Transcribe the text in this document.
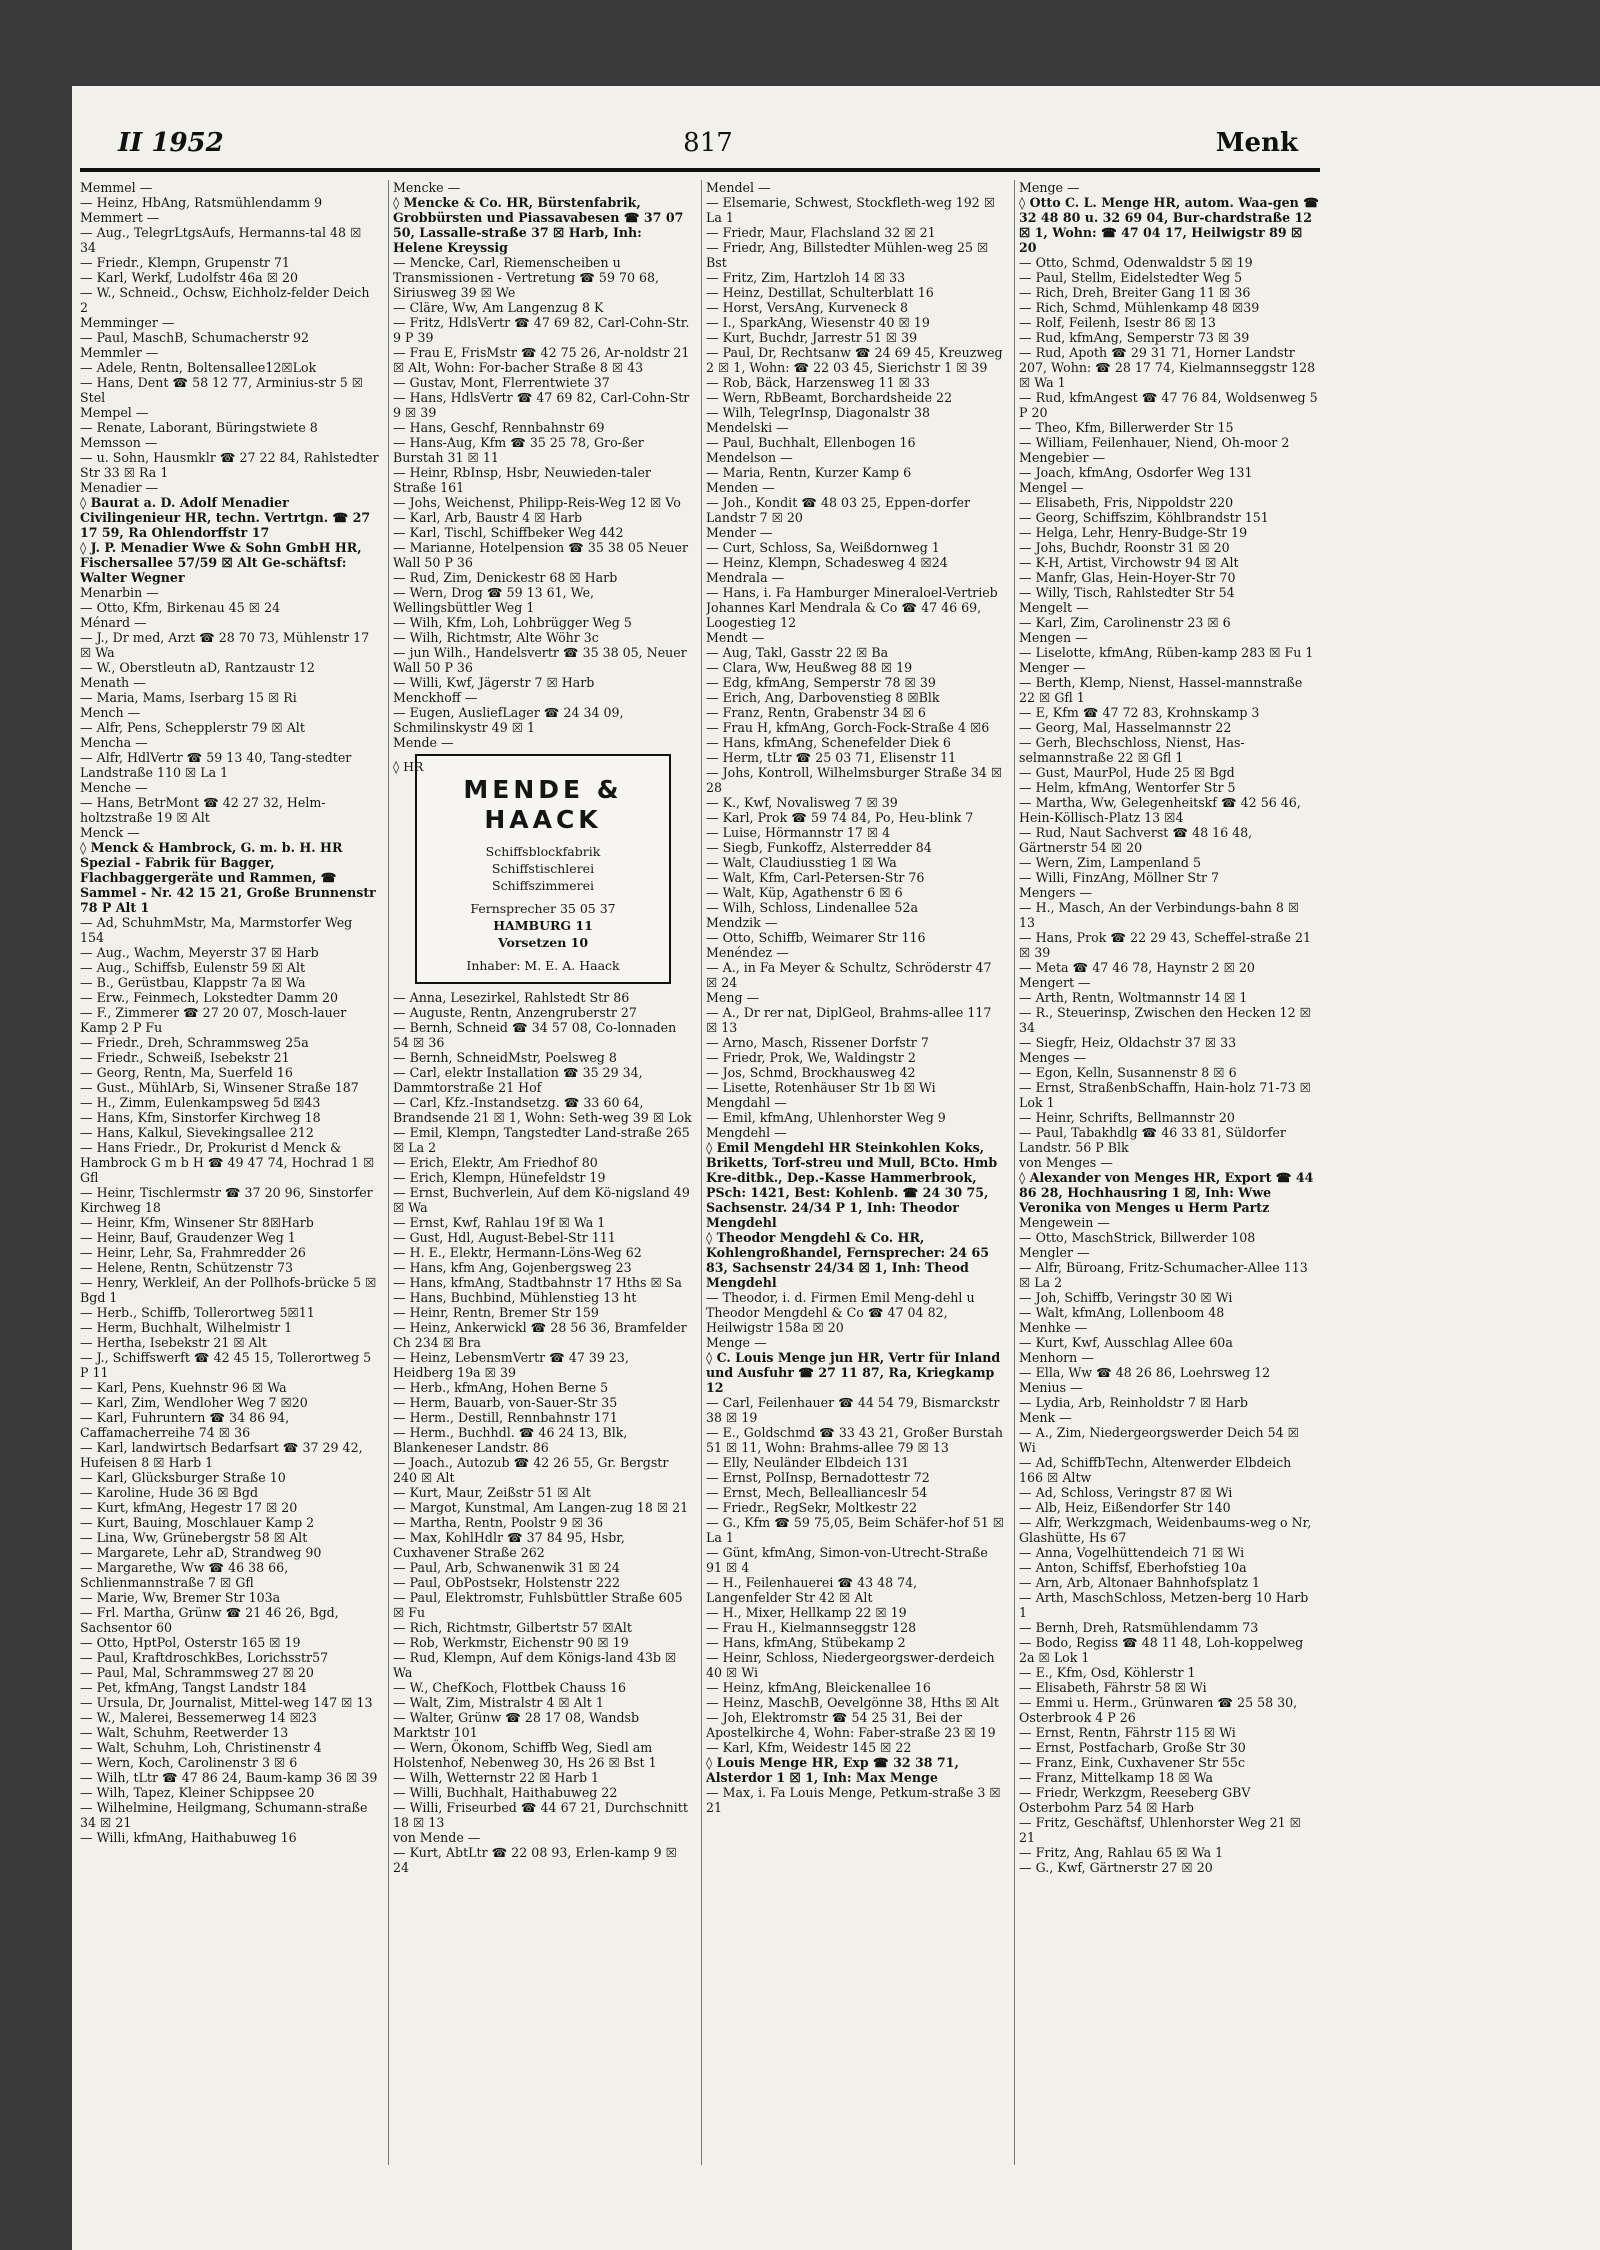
II 1952	817	Menk

Memmel —

— Heinz, HbAng, Ratsmühlendamm 9

Memmert —

— Aug., TelegrLtgsAufs, Hermanns-tal 48 ☒ 34

— Friedr., Klempn, Grupenstr 71

— Karl, Werkf, Ludolfstr 46a ☒ 20

— W., Schneid., Ochsw, Eichholz-felder Deich 2

Memminger —

— Paul, MaschB, Schumacherstr 92

Memmler —

— Adele, Rentn, Boltensallee12☒Lok

— Hans, Dent ☎ 58 12 77, Arminius-str 5 ☒ Stel

Mempel —

— Renate, Laborant, Büringstwiete 8

Memsson —

— u. Sohn, Hausmklr ☎ 27 22 84, Rahlstedter Str 33 ☒ Ra 1

Menadier —

◊ Baurat a. D. Adolf Menadier Civilingenieur HR, techn. Vertrtgn. ☎ 27 17 59, Ra Ohlendorffstr 17

◊ J. P. Menadier Wwe & Sohn GmbH HR, Fischersallee 57/59 ☒ Alt Ge-schäftsf: Walter Wegner

Menarbin —

— Otto, Kfm, Birkenau 45 ☒ 24

Ménard —

— J., Dr med, Arzt ☎ 28 70 73, Mühlenstr 17 ☒ Wa

— W., Oberstleutn aD, Rantzaustr 12

Menath —

— Maria, Mams, Iserbarg 15 ☒ Ri

Mench —

— Alfr, Pens, Schepplerstr 79 ☒ Alt

Mencha —

— Alfr, HdlVertr ☎ 59 13 40, Tang-stedter Landstraße 110 ☒ La 1

Menche —

— Hans, BetrMont ☎ 42 27 32, Helm-holtzstraße 19 ☒ Alt

Menck —

◊ Menck & Hambrock, G. m. b. H. HR Spezial - Fabrik für Bagger, Flachbaggergeräte und Rammen, ☎ Sammel - Nr. 42 15 21, Große Brunnenstr 78 P Alt 1

— Ad, SchuhmMstr, Ma, Marmstorfer Weg 154

— Aug., Wachm, Meyerstr 37 ☒ Harb

— Aug., Schiffsb, Eulenstr 59 ☒ Alt

— B., Gerüstbau, Klappstr 7a ☒ Wa

— Erw., Feinmech, Lokstedter Damm 20

— F., Zimmerer ☎ 27 20 07, Mosch-lauer Kamp 2 P Fu

— Friedr., Dreh, Schrammsweg 25a

— Friedr., Schweiß, Isebekstr 21

— Georg, Rentn, Ma, Suerfeld 16

— Gust., MühlArb, Si, Winsener Straße 187

— H., Zimm, Eulenkampsweg 5d ☒43

— Hans, Kfm, Sinstorfer Kirchweg 18

— Hans, Kalkul, Sievekingsallee 212

— Hans Friedr., Dr, Prokurist d Menck & Hambrock G m b H ☎ 49 47 74, Hochrad 1 ☒ Gfl

— Heinr, Tischlermstr ☎ 37 20 96, Sinstorfer Kirchweg 18

— Heinr, Kfm, Winsener Str 8☒Harb

— Heinr, Bauf, Graudenzer Weg 1

— Heinr, Lehr, Sa, Frahmredder 26

— Helene, Rentn, Schützenstr 73

— Henry, Werkleif, An der Pollhofs-brücke 5 ☒ Bgd 1

— Herb., Schiffb, Tollerortweg 5☒11

— Herm, Buchhalt, Wilhelmistr 1

— Hertha, Isebekstr 21 ☒ Alt

— J., Schiffswerft ☎ 42 45 15, Tollerortweg 5 P 11

— Karl, Pens, Kuehnstr 96 ☒ Wa

— Karl, Zim, Wendloher Weg 7 ☒20

— Karl, Fuhruntern ☎ 34 86 94, Caffamacherreihe 74 ☒ 36

— Karl, landwirtsch Bedarfsart ☎ 37 29 42, Hufeisen 8 ☒ Harb 1

— Karl, Glücksburger Straße 10

— Karoline, Hude 36 ☒ Bgd

— Kurt, kfmAng, Hegestr 17 ☒ 20

— Kurt, Bauing, Moschlauer Kamp 2

— Lina, Ww, Grünebergstr 58 ☒ Alt

— Margarete, Lehr aD, Strandweg 90

— Margarethe, Ww ☎ 46 38 66, Schlienmannstraße 7 ☒ Gfl

— Marie, Ww, Bremer Str 103a

— Frl. Martha, Grünw ☎ 21 46 26, Bgd, Sachsentor 60

— Otto, HptPol, Osterstr 165 ☒ 19

— Paul, KraftdroschkBes, Lorichsstr57

— Paul, Mal, Schrammsweg 27 ☒ 20

— Pet, kfmAng, Tangst Landstr 184

— Ursula, Dr, Journalist, Mittel-weg 147 ☒ 13

— W., Malerei, Bessemerweg 14 ☒23

— Walt, Schuhm, Reetwerder 13

— Walt, Schuhm, Loh, Christinenstr 4

— Wern, Koch, Carolinenstr 3 ☒ 6

— Wilh, tLtr ☎ 47 86 24, Baum-kamp 36 ☒ 39

— Wilh, Tapez, Kleiner Schippsee 20

— Wilhelmine, Heilgmang, Schumann-straße 34 ☒ 21

— Willi, kfmAng, Haithabuweg 16

Mencke —

◊ Mencke & Co. HR, Bürstenfabrik, Grobbürsten und Piassavabesen ☎ 37 07 50, Lassalle-straße 37 ☒ Harb, Inh: Helene Kreyssig

— Mencke, Carl, Riemenscheiben u Transmissionen - Vertretung ☎ 59 70 68, Siriusweg 39 ☒ We

— Cläre, Ww, Am Langenzug 8 K

— Fritz, HdlsVertr ☎ 47 69 82, Carl-Cohn-Str. 9 P 39

— Frau E, FrisMstr ☎ 42 75 26, Ar-noldstr 21 ☒ Alt, Wohn: For-bacher Straße 8 ☒ 43

— Gustav, Mont, Flerrentwiete 37

— Hans, HdlsVertr ☎ 47 69 82, Carl-Cohn-Str 9 ☒ 39

— Hans, Geschf, Rennbahnstr 69

— Hans-Aug, Kfm ☎ 35 25 78, Gro-ßer Burstah 31 ☒ 11

— Heinr, RbInsp, Hsbr, Neuwieden-taler Straße 161

— Johs, Weichenst, Philipp-Reis-Weg 12 ☒ Vo

— Karl, Arb, Baustr 4 ☒ Harb

— Karl, Tischl, Schiffbeker Weg 442

— Marianne, Hotelpension ☎ 35 38 05 Neuer Wall 50 P 36

— Rud, Zim, Denickestr 68 ☒ Harb

— Wern, Drog ☎ 59 13 61, We, Wellingsbüttler Weg 1

— Wilh, Kfm, Loh, Lohbrügger Weg 5

— Wilh, Richtmstr, Alte Wöhr 3c

— jun Wilh., Handelsvertr ☎ 35 38 05, Neuer Wall 50 P 36

— Willi, Kwf, Jägerstr 7 ☒ Harb

Menckhoff —

— Eugen, AusliefLager ☎ 24 34 09, Schmilinskystr 49 ☒ 1

Mende —

◊ HR
MENDE &
HAACK
Schiffsblockfabrik
Schiffstischlerei
Schiffszimmerei
Fernsprecher 35 05 37
HAMBURG 11
Vorsetzen 10
Inhaber: M. E. A. Haack

— Anna, Lesezirkel, Rahlstedt Str 86

— Auguste, Rentn, Anzengruberstr 27

— Bernh, Schneid ☎ 34 57 08, Co-lonnaden 54 ☒ 36

— Bernh, SchneidMstr, Poelsweg 8

— Carl, elektr Installation ☎ 35 29 34, Dammtorstraße 21 Hof

— Carl, Kfz.-Instandsetzg. ☎ 33 60 64, Brandsende 21 ☒ 1, Wohn: Seth-weg 39 ☒ Lok

— Emil, Klempn, Tangstedter Land-straße 265 ☒ La 2

— Erich, Elektr, Am Friedhof 80

— Erich, Klempn, Hünefeldstr 19

— Ernst, Buchverlein, Auf dem Kö-nigsland 49 ☒ Wa

— Ernst, Kwf, Rahlau 19f ☒ Wa 1

— Gust, Hdl, August-Bebel-Str 111

— H. E., Elektr, Hermann-Löns-Weg 62

— Hans, kfm Ang, Gojenbergsweg 23

— Hans, kfmAng, Stadtbahnstr 17 Hths ☒ Sa

— Hans, Buchbind, Mühlenstieg 13 ht

— Heinr, Rentn, Bremer Str 159

— Heinz, Ankerwickl ☎ 28 56 36, Bramfelder Ch 234 ☒ Bra

— Heinz, LebensmVertr ☎ 47 39 23, Heidberg 19a ☒ 39

— Herb., kfmAng, Hohen Berne 5

— Herm, Bauarb, von-Sauer-Str 35

— Herm., Destill, Rennbahnstr 171

— Herm., Buchhdl. ☎ 46 24 13, Blk, Blankeneser Landstr. 86

— Joach., Autozub ☎ 42 26 55, Gr. Bergstr 240 ☒ Alt

— Kurt, Maur, Zeißstr 51 ☒ Alt

— Margot, Kunstmal, Am Langen-zug 18 ☒ 21

— Martha, Rentn, Poolstr 9 ☒ 36

— Max, KohlHdlr ☎ 37 84 95, Hsbr, Cuxhavener Straße 262

— Paul, Arb, Schwanenwik 31 ☒ 24

— Paul, ObPostsekr, Holstenstr 222

— Paul, Elektromstr, Fuhlsbüttler Straße 605 ☒ Fu

— Rich, Richtmstr, Gilbertstr 57 ☒Alt

— Rob, Werkmstr, Eichenstr 90 ☒ 19

— Rud, Klempn, Auf dem Königs-land 43b ☒ Wa

— W., ChefKoch, Flottbek Chauss 16

— Walt, Zim, Mistralstr 4 ☒ Alt 1

— Walter, Grünw ☎ 28 17 08, Wandsb Marktstr 101

— Wern, Ökonom, Schiffb Weg, Siedl am Holstenhof, Nebenweg 30, Hs 26 ☒ Bst 1

— Wilh, Wetternstr 22 ☒ Harb 1

— Willi, Buchhalt, Haithabuweg 22

— Willi, Friseurbed ☎ 44 67 21, Durchschnitt 18 ☒ 13

von Mende —

— Kurt, AbtLtr ☎ 22 08 93, Erlen-kamp 9 ☒ 24

Mendel —

— Elsemarie, Schwest, Stockfleth-weg 192 ☒ La 1

— Friedr, Maur, Flachsland 32 ☒ 21

— Friedr, Ang, Billstedter Mühlen-weg 25 ☒ Bst

— Fritz, Zim, Hartzloh 14 ☒ 33

— Heinz, Destillat, Schulterblatt 16

— Horst, VersAng, Kurveneck 8

— I., SparkAng, Wiesenstr 40 ☒ 19

— Kurt, Buchdr, Jarrestr 51 ☒ 39

— Paul, Dr, Rechtsanw ☎ 24 69 45, Kreuzweg 2 ☒ 1, Wohn: ☎ 22 03 45, Sierichstr 1 ☒ 39

— Rob, Bäck, Harzensweg 11 ☒ 33

— Wern, RbBeamt, Borchardsheide 22

— Wilh, TelegrInsp, Diagonalstr 38

Mendelski —

— Paul, Buchhalt, Ellenbogen 16

Mendelson —

— Maria, Rentn, Kurzer Kamp 6

Menden —

— Joh., Kondit ☎ 48 03 25, Eppen-dorfer Landstr 7 ☒ 20

Mender —

— Curt, Schloss, Sa, Weißdornweg 1

— Heinz, Klempn, Schadesweg 4 ☒24

Mendrala —

— Hans, i. Fa Hamburger Mineraloel-Vertrieb Johannes Karl Mendrala & Co ☎ 47 46 69, Loogestieg 12

Mendt —

— Aug, Takl, Gasstr 22 ☒ Ba

— Clara, Ww, Heußweg 88 ☒ 19

— Edg, kfmAng, Semperstr 78 ☒ 39

— Erich, Ang, Darbovenstieg 8 ☒Blk

— Franz, Rentn, Grabenstr 34 ☒ 6

— Frau H, kfmAng, Gorch-Fock-Straße 4 ☒6

— Hans, kfmAng, Schenefelder Diek 6

— Herm, tLtr ☎ 25 03 71, Elisenstr 11

— Johs, Kontroll, Wilhelmsburger Straße 34 ☒ 28

— K., Kwf, Novalisweg 7 ☒ 39

— Karl, Prok ☎ 59 74 84, Po, Heu-blink 7

— Luise, Hörmannstr 17 ☒ 4

— Siegb, Funkoffz, Alsterredder 84

— Walt, Claudiusstieg 1 ☒ Wa

— Walt, Kfm, Carl-Petersen-Str 76

— Walt, Küp, Agathenstr 6 ☒ 6

— Wilh, Schloss, Lindenallee 52a

Mendzik —

— Otto, Schiffb, Weimarer Str 116

Menéndez —

— A., in Fa Meyer & Schultz, Schröderstr 47 ☒ 24

Meng —

— A., Dr rer nat, DiplGeol, Brahms-allee 117 ☒ 13

— Arno, Masch, Rissener Dorfstr 7

— Friedr, Prok, We, Waldingstr 2

— Jos, Schmd, Brockhausweg 42

— Lisette, Rotenhäuser Str 1b ☒ Wi

Mengdahl —

— Emil, kfmAng, Uhlenhorster Weg 9

Mengdehl —

◊ Emil Mengdehl HR Steinkohlen Koks, Briketts, Torf-streu und Mull, BCto. Hmb Kre-ditbk., Dep.-Kasse Hammerbrook, PSch: 1421, Best: Kohlenb. ☎ 24 30 75, Sachsenstr. 24/34 P 1, Inh: Theodor Mengdehl

◊ Theodor Mengdehl & Co. HR, Kohlengroßhandel, Fernsprecher: 24 65 83, Sachsenstr 24/34 ☒ 1, Inh: Theod Mengdehl

— Theodor, i. d. Firmen Emil Meng-dehl u Theodor Mengdehl & Co ☎ 47 04 82, Heilwigstr 158a ☒ 20

Menge —

◊ C. Louis Menge jun HR, Vertr für Inland und Ausfuhr ☎ 27 11 87, Ra, Kriegkamp 12

— Carl, Feilenhauer ☎ 44 54 79, Bismarckstr 38 ☒ 19

— E., Goldschmd ☎ 33 43 21, Großer Burstah 51 ☒ 11, Wohn: Brahms-allee 79 ☒ 13

— Elly, Neuländer Elbdeich 131

— Ernst, PolInsp, Bernadottestr 72

— Ernst, Mech, Belleallianceslr 54

— Friedr., RegSekr, Moltkestr 22

— G., Kfm ☎ 59 75,05, Beim Schäfer-hof 51 ☒ La 1

— Günt, kfmAng, Simon-von-Utrecht-Straße 91 ☒ 4

— H., Feilenhauerei ☎ 43 48 74, Langenfelder Str 42 ☒ Alt

— H., Mixer, Hellkamp 22 ☒ 19

— Frau H., Kielmannseggstr 128

— Hans, kfmAng, Stübekamp 2

— Heinr, Schloss, Niedergeorgswer-derdeich 40 ☒ Wi

— Heinz, kfmAng, Bleickenallee 16

— Heinz, MaschB, Oevelgönne 38, Hths ☒ Alt

— Joh, Elektromstr ☎ 54 25 31, Bei der Apostelkirche 4, Wohn: Faber-straße 23 ☒ 19

— Karl, Kfm, Weidestr 145 ☒ 22

◊ Louis Menge HR, Exp ☎ 32 38 71, Alsterdor 1 ☒ 1, Inh: Max Menge

— Max, i. Fa Louis Menge, Petkum-straße 3 ☒ 21

Menge —

◊ Otto C. L. Menge HR, autom. Waa-gen ☎ 32 48 80 u. 32 69 04, Bur-chardstraße 12 ☒ 1, Wohn: ☎ 47 04 17, Heilwigstr 89 ☒ 20

— Otto, Schmd, Odenwaldstr 5 ☒ 19

— Paul, Stellm, Eidelstedter Weg 5

— Rich, Dreh, Breiter Gang 11 ☒ 36

— Rich, Schmd, Mühlenkamp 48 ☒39

— Rolf, Feilenh, Isestr 86 ☒ 13

— Rud, kfmAng, Semperstr 73 ☒ 39

— Rud, Apoth ☎ 29 31 71, Horner Landstr 207, Wohn: ☎ 28 17 74, Kielmannseggstr 128 ☒ Wa 1

— Rud, kfmAngest ☎ 47 76 84, Woldsenweg 5 P 20

— Theo, Kfm, Billerwerder Str 15

— William, Feilenhauer, Niend, Oh-moor 2

Mengebier —

— Joach, kfmAng, Osdorfer Weg 131

Mengel —

— Elisabeth, Fris, Nippoldstr 220

— Georg, Schiffszim, Köhlbrandstr 151

— Helga, Lehr, Henry-Budge-Str 19

— Johs, Buchdr, Roonstr 31 ☒ 20

— K-H, Artist, Virchowstr 94 ☒ Alt

— Manfr, Glas, Hein-Hoyer-Str 70

— Willy, Tisch, Rahlstedter Str 54

Mengelt —

— Karl, Zim, Carolinenstr 23 ☒ 6

Mengen —

— Liselotte, kfmAng, Rüben-kamp 283 ☒ Fu 1

Menger —

— Berth, Klemp, Nienst, Hassel-mannstraße 22 ☒ Gfl 1

— E, Kfm ☎ 47 72 83, Krohnskamp 3

— Georg, Mal, Hasselmannstr 22

— Gerh, Blechschloss, Nienst, Has-selmannstraße 22 ☒ Gfl 1

— Gust, MaurPol, Hude 25 ☒ Bgd

— Helm, kfmAng, Wentorfer Str 5

— Martha, Ww, Gelegenheitskf ☎ 42 56 46, Hein-Köllisch-Platz 13 ☒4

— Rud, Naut Sachverst ☎ 48 16 48, Gärtnerstr 54 ☒ 20

— Wern, Zim, Lampenland 5

— Willi, FinzAng, Möllner Str 7

Mengers —

— H., Masch, An der Verbindungs-bahn 8 ☒ 13

— Hans, Prok ☎ 22 29 43, Scheffel-straße 21 ☒ 39

— Meta ☎ 47 46 78, Haynstr 2 ☒ 20

Mengert —

— Arth, Rentn, Woltmannstr 14 ☒ 1

— R., Steuerinsp, Zwischen den Hecken 12 ☒ 34

— Siegfr, Heiz, Oldachstr 37 ☒ 33

Menges —

— Egon, Kelln, Susannenstr 8 ☒ 6

— Ernst, StraßenbSchaffn, Hain-holz 71-73 ☒ Lok 1

— Heinr, Schrifts, Bellmannstr 20

— Paul, Tabakhdlg ☎ 46 33 81, Süldorfer Landstr. 56 P Blk

von Menges —

◊ Alexander von Menges HR, Export ☎ 44 86 28, Hochhausring 1 ☒, Inh: Wwe Veronika von Menges u Herm Partz

Mengewein —

— Otto, MaschStrick, Billwerder 108

Mengler —

— Alfr, Büroang, Fritz-Schumacher-Allee 113 ☒ La 2

— Joh, Schiffb, Veringstr 30 ☒ Wi

— Walt, kfmAng, Lollenboom 48

Menhke —

— Kurt, Kwf, Ausschlag Allee 60a

Menhorn —

— Ella, Ww ☎ 48 26 86, Loehrsweg 12

Menius —

— Lydia, Arb, Reinholdstr 7 ☒ Harb

Menk —

— A., Zim, Niedergeorgswerder Deich 54 ☒ Wi

— Ad, SchiffbTechn, Altenwerder Elbdeich 166 ☒ Altw

— Ad, Schloss, Veringstr 87 ☒ Wi

— Alb, Heiz, Eißendorfer Str 140

— Alfr, Werkzgmach, Weidenbaums-weg o Nr, Glashütte, Hs 67

— Anna, Vogelhüttendeich 71 ☒ Wi

— Anton, Schiffsf, Eberhofstieg 10a

— Arn, Arb, Altonaer Bahnhofsplatz 1

— Arth, MaschSchloss, Metzen-berg 10 Harb 1

— Bernh, Dreh, Ratsmühlendamm 73

— Bodo, Regiss ☎ 48 11 48, Loh-koppelweg 2a ☒ Lok 1

— E., Kfm, Osd, Köhlerstr 1

— Elisabeth, Fährstr 58 ☒ Wi

— Emmi u. Herm., Grünwaren ☎ 25 58 30, Osterbrook 4 P 26

— Ernst, Rentn, Fährstr 115 ☒ Wi

— Ernst, Postfacharb, Große Str 30

— Franz, Eink, Cuxhavener Str 55c

— Franz, Mittelkamp 18 ☒ Wa

— Friedr, Werkzgm, Reeseberg GBV Osterbohm Parz 54 ☒ Harb

— Fritz, Geschäftsf, Uhlenhorster Weg 21 ☒ 21

— Fritz, Ang, Rahlau 65 ☒ Wa 1

— G., Kwf, Gärtnerstr 27 ☒ 20
